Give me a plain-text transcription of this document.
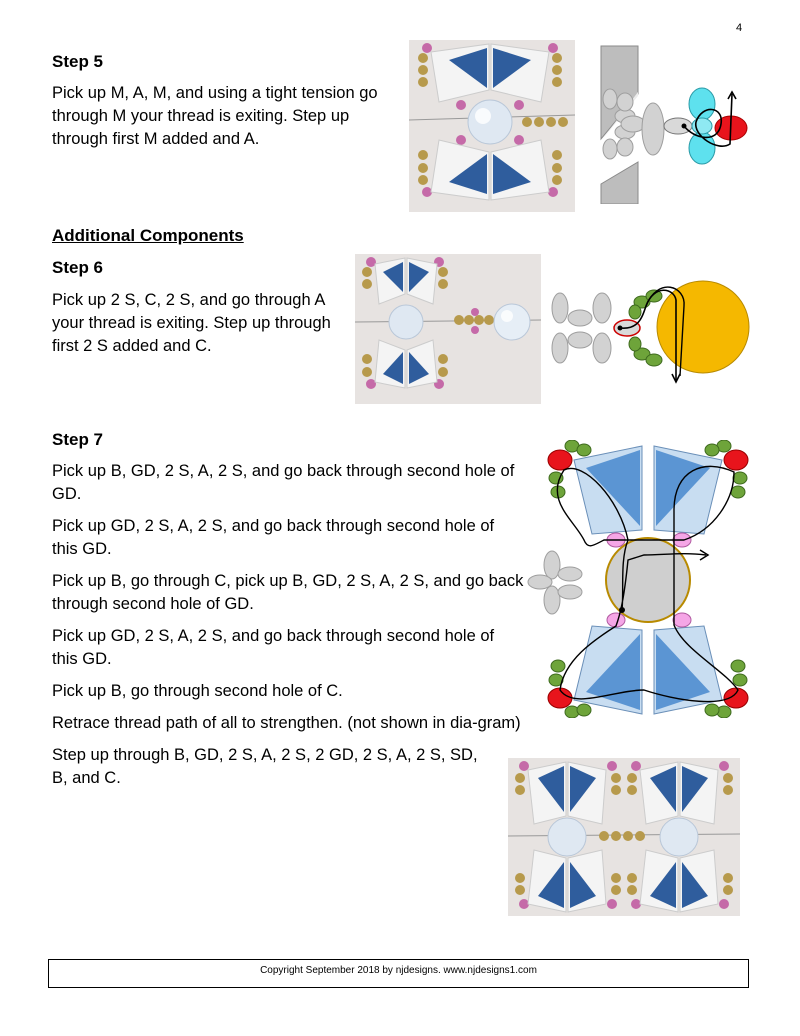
4
Step 5
Pick up M, A, M, and using a tight tension go through M your thread is exiting. Step up through first M added and A.
Additional Components
Step 6
Pick up 2 S, C, 2 S, and go through A your thread is exiting. Step up through first 2 S added and C.
Step 7

Pick up B, GD, 2 S, A, 2 S, and go back through second hole of GD.

Pick up GD, 2 S, A, 2 S, and go back through second hole of this GD.

Pick up B, go through C, pick up B, GD, 2 S, A, 2 S, and go back through second hole of GD.

Pick up GD, 2 S, A, 2 S, and go back through second hole of this GD.

Pick up B, go through second hole of C.

Retrace thread path of all to strengthen. (not shown in dia-gram)

Step up through B, GD, 2 S, A, 2 S, 2 GD, 2 S, A, 2 S, SD, B, and C.

Copyright September 2018 by njdesigns. www.njdesigns1.com
